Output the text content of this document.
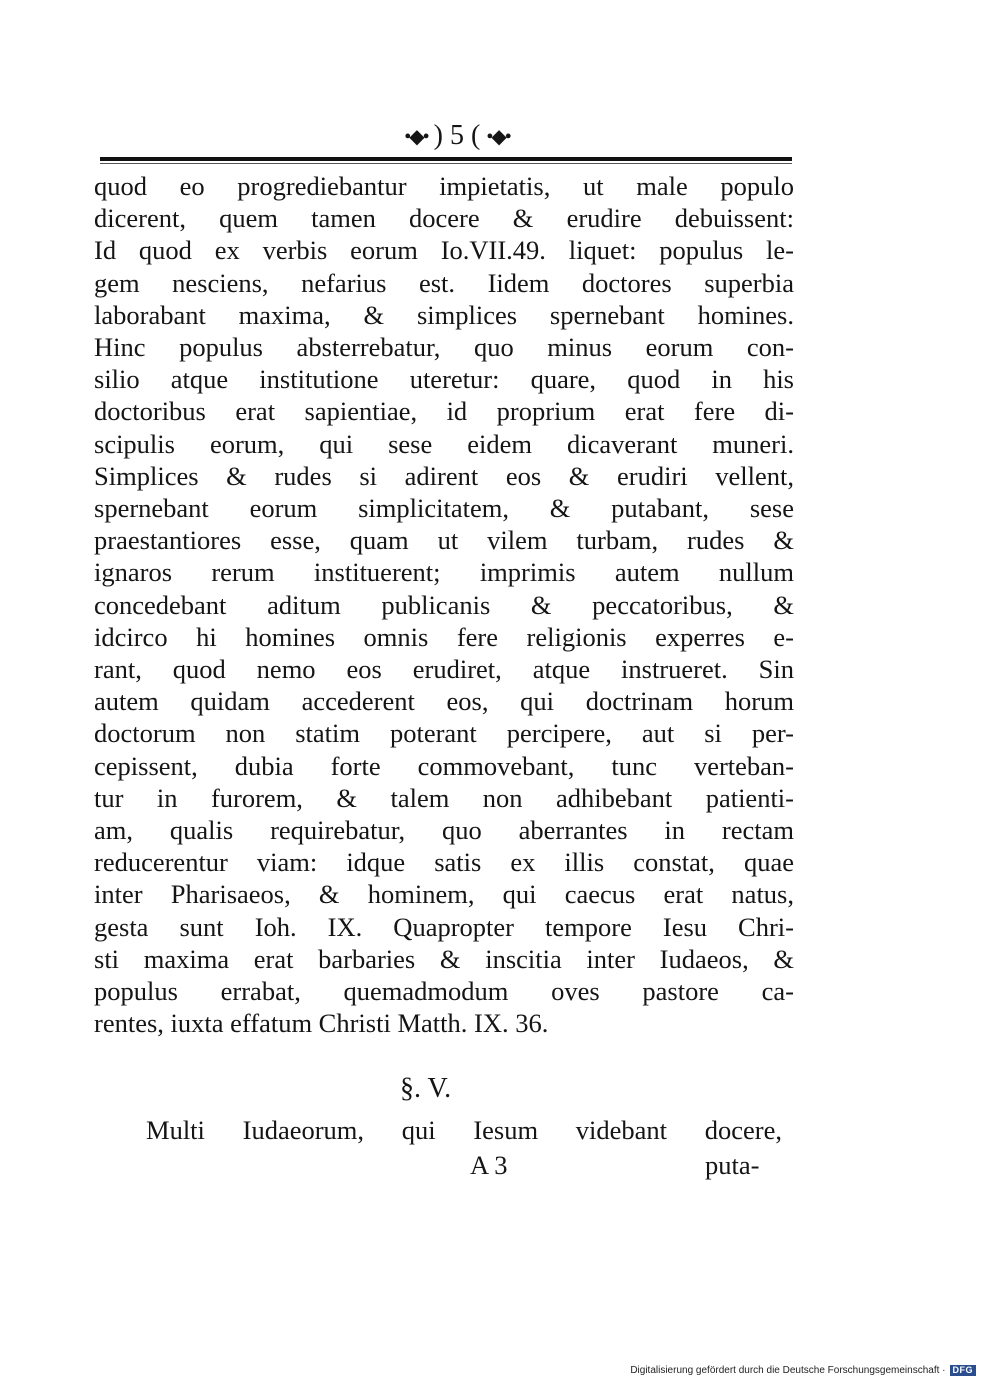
•◆• ) 5 ( •◆•
quod eo progrediebantur impietatis, ut male populo
dicerent, quem tamen docere & erudire debuissent:
Id quod ex verbis eorum Io.VII.49. liquet: populus le-
gem nesciens, nefarius est. Iidem doctores superbia
laborabant maxima, & simplices spernebant homines.
Hinc populus absterrebatur, quo minus eorum con-
silio atque institutione uteretur: quare, quod in his
doctoribus erat sapientiae, id proprium erat fere di-
scipulis eorum, qui sese eidem dicaverant muneri.
Simplices & rudes si adirent eos & erudiri vellent,
spernebant eorum simplicitatem, & putabant, sese
praestantiores esse, quam ut vilem turbam, rudes &
ignaros rerum instituerent; imprimis autem nullum
concedebant aditum publicanis & peccatoribus, &
idcirco hi homines omnis fere religionis experres e-
rant, quod nemo eos erudiret, atque instrueret. Sin
autem quidam accederent eos, qui doctrinam horum
doctorum non statim poterant percipere, aut si per-
cepissent, dubia forte commovebant, tunc verteban-
tur in furorem, & talem non adhibebant patienti-
am, qualis requirebatur, quo aberrantes in rectam
reducerentur viam: idque satis ex illis constat, quae
inter Pharisaeos, & hominem, qui caecus erat natus,
gesta sunt Ioh. IX. Quapropter tempore Iesu Chri-
sti maxima erat barbaries & inscitia inter Iudaeos, &
populus errabat, quemadmodum oves pastore ca-
rentes, iuxta effatum Christi Matth. IX. 36.
§. V.
Multi Iudaeorum, qui Iesum videbant docere,
A 3	puta-
Digitalisierung gefördert durch die Deutsche Forschungsgemeinschaft · DFG
